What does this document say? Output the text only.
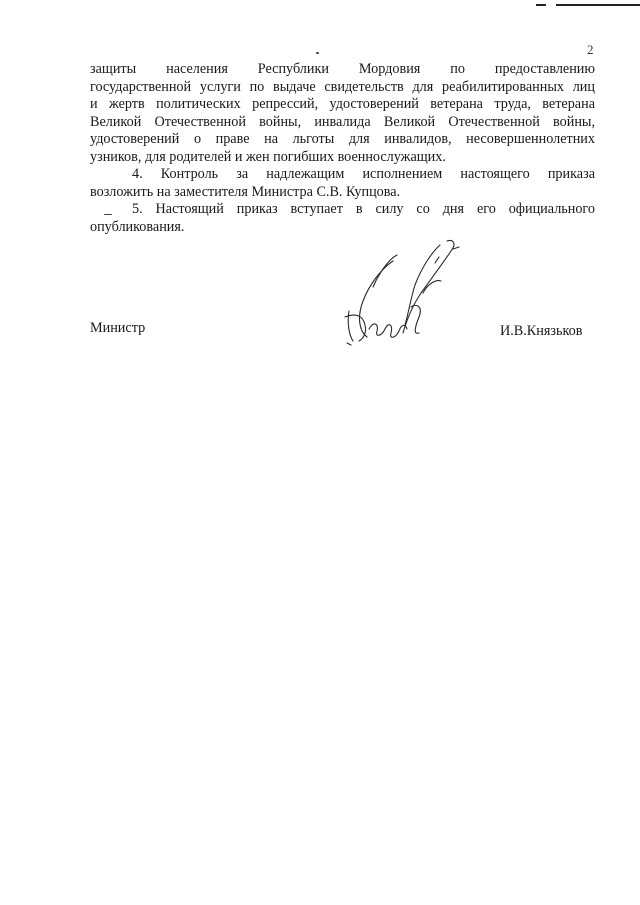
2
защиты населения Республики Мордовия по предоставлению
государственной услуги по выдаче свидетельств для реабилитированных лиц
и жертв политических репрессий, удостоверений ветерана труда, ветерана
Великой Отечественной войны, инвалида Великой Отечественной войны,
удостоверений о праве на льготы для инвалидов, несовершеннолетних
узников, для родителей и жен погибших военнослужащих.
4. Контроль за надлежащим исполнением настоящего приказа
возложить на заместителя Министра С.В. Купцова.
5. Настоящий приказ вступает в силу со дня его официального
опубликования.
Министр	И.В.Князьков
